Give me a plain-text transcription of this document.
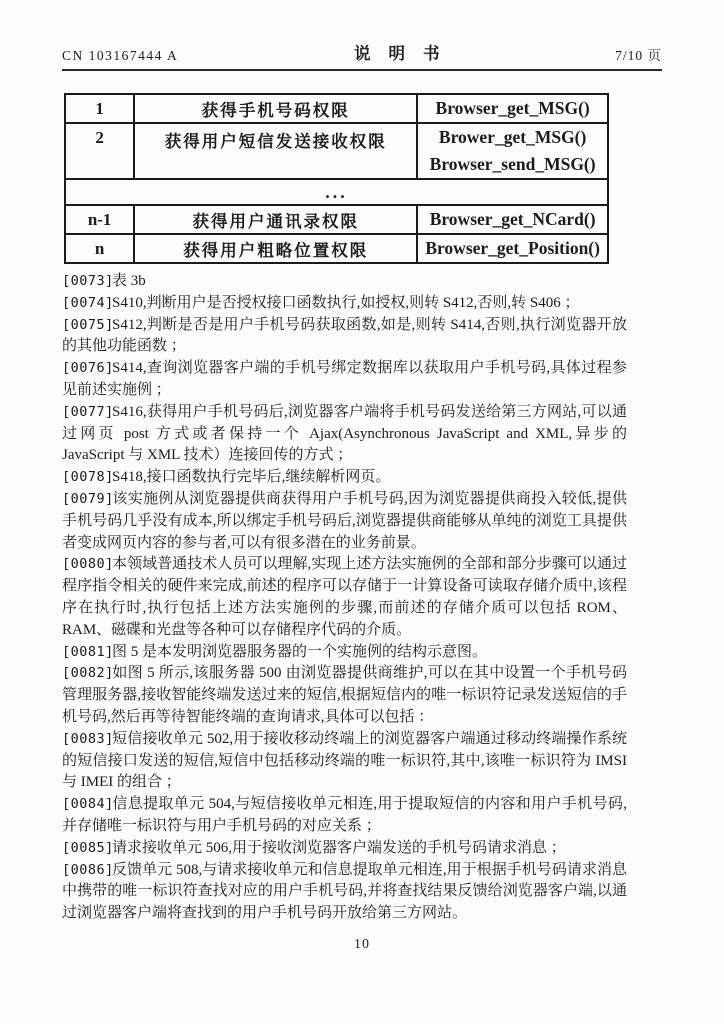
CN 103167444 A	说明书	7/10 页
1	获得手机号码权限	Browser_get_MSG()

2	获得用户短信发送接收权限	Brower_get_MSG()
Browser_send_MSG()

...		
n-1	获得用户通讯录权限	Browser_get_NCard()

n	获得用户粗略位置权限	Browser_get_Position()

[0073]表 3b

[0074]S410,判断用户是否授权接口函数执行,如授权,则转 S412,否则,转 S406 ；

[0075]S412,判断是否是用户手机号码获取函数,如是,则转 S414,否则,执行浏览器开放的其他功能函数 ；

[0076]S414,查询浏览器客户端的手机号绑定数据库以获取用户手机号码,具体过程参见前述实施例 ；

[0077]S416,获得用户手机号码后,浏览器客户端将手机号码发送给第三方网站,可以通过网页 post 方式或者保持一个 Ajax(Asynchronous JavaScript and XML,异步的 JavaScript 与 XML 技术）连接回传的方式 ；

[0078]S418,接口函数执行完毕后,继续解析网页。

[0079]该实施例从浏览器提供商获得用户手机号码,因为浏览器提供商投入较低,提供手机号码几乎没有成本,所以绑定手机号码后,浏览器提供商能够从单纯的浏览工具提供者变成网页内容的参与者,可以有很多潜在的业务前景。

[0080]本领域普通技术人员可以理解,实现上述方法实施例的全部和部分步骤可以通过程序指令相关的硬件来完成,前述的程序可以存储于一计算设备可读取存储介质中,该程序在执行时,执行包括上述方法实施例的步骤,而前述的存储介质可以包括 ROM、RAM、磁碟和光盘等各种可以存储程序代码的介质。

[0081]图 5 是本发明浏览器服务器的一个实施例的结构示意图。

[0082]如图 5 所示,该服务器 500 由浏览器提供商维护,可以在其中设置一个手机号码管理服务器,接收智能终端发送过来的短信,根据短信内的唯一标识符记录发送短信的手机号码,然后再等待智能终端的查询请求,具体可以包括 ：

[0083]短信接收单元 502,用于接收移动终端上的浏览器客户端通过移动终端操作系统的短信接口发送的短信,短信中包括移动终端的唯一标识符,其中,该唯一标识符为 IMSI 与 IMEI 的组合 ；

[0084]信息提取单元 504,与短信接收单元相连,用于提取短信的内容和用户手机号码,并存储唯一标识符与用户手机号码的对应关系 ；

[0085]请求接收单元 506,用于接收浏览器客户端发送的手机号码请求消息 ；

[0086]反馈单元 508,与请求接收单元和信息提取单元相连,用于根据手机号码请求消息中携带的唯一标识符查找对应的用户手机号码,并将查找结果反馈给浏览器客户端,以通过浏览器客户端将查找到的用户手机号码开放给第三方网站。

10
